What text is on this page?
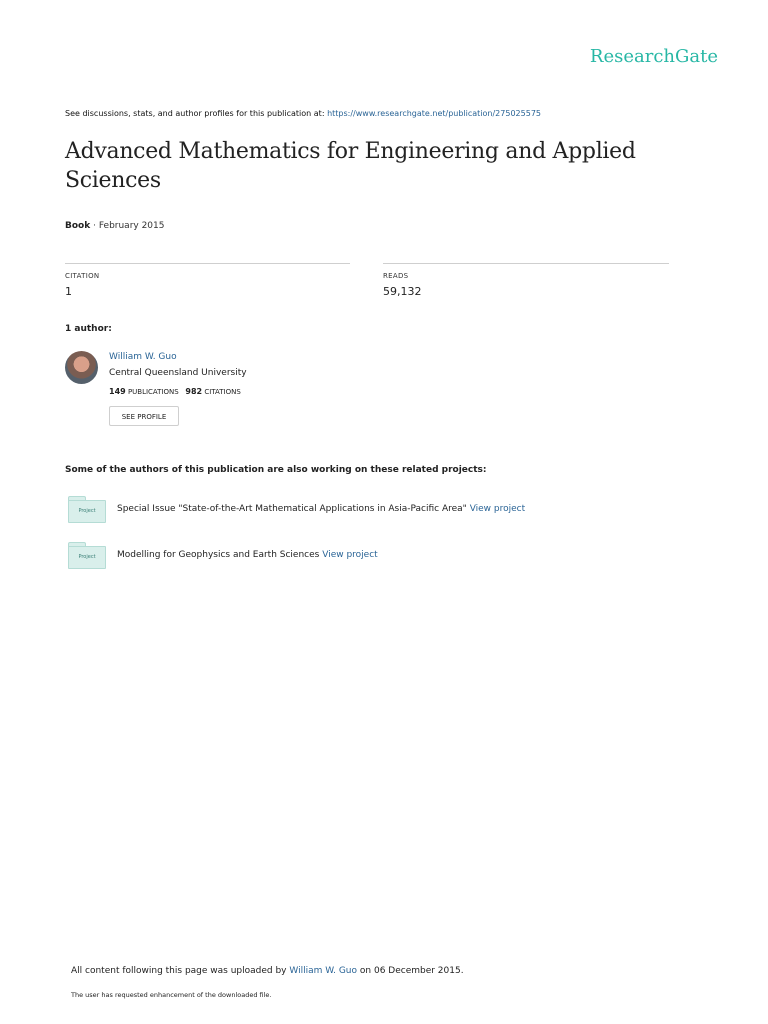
ResearchGate
See discussions, stats, and author profiles for this publication at: https://www.researchgate.net/publication/275025575
Advanced Mathematics for Engineering and Applied Sciences
Book · February 2015
CITATION
1
READS
59,132
1 author:
William W. Guo
Central Queensland University
149 PUBLICATIONS 982 CITATIONS
SEE PROFILE
Some of the authors of this publication are also working on these related projects:
Project	Special Issue "State-of-the-Art Mathematical Applications in Asia-Pacific Area" View project
Project	Modelling for Geophysics and Earth Sciences View project
All content following this page was uploaded by William W. Guo on 06 December 2015.
The user has requested enhancement of the downloaded file.
